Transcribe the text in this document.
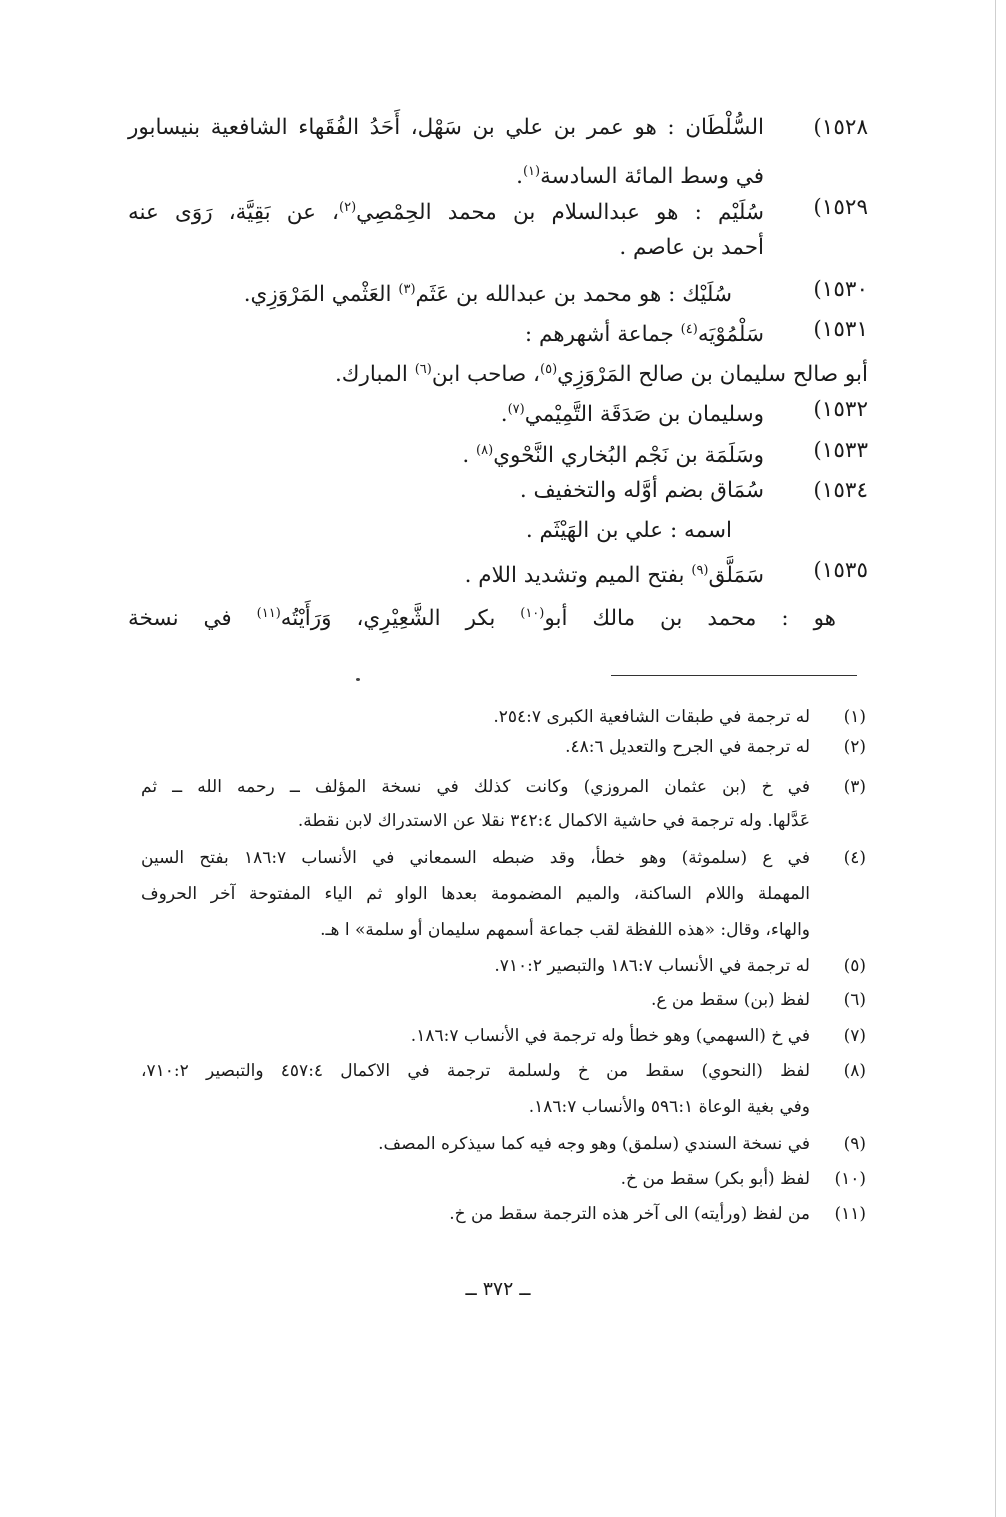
١٥٢٨)
السُّلْطَان : هو عمر بن علي بن سَهْل، أَحَدُ الفُقَهاء الشافعية بنيسابور
في وسط المائة السادسة$^{(١)}$.
١٥٢٩)
سُلَيْم : هو عبدالسلام بن محمد الحِمْصِي$^{(٢)}$، عن بَقِيَّة، رَوَى عنه
أحمد بن عاصم .
١٥٣٠)
سُلَيْك : هو محمد بن عبدالله بن عَثَم$^{(٣)}$ العَثْمي المَرْوَزِي.
١٥٣١)
سَلْمُوْيَه$^{(٤)}$ جماعة أشهرهم :
أبو صالح سليمان بن صالح المَرْوَزِي$^{(٥)}$، صاحب ابن$^{(٦)}$ المبارك.
١٥٣٢)
وسليمان بن صَدَقَة التَّمِيْمي$^{(٧)}$.
١٥٣٣)
وسَلَمَة بن نَجْم البُخاري النَّحْوي$^{(٨)}$ .
١٥٣٤)
سُمَاق بضم أوَّله والتخفيف .
اسمه : علي بن الهَيْثَم .
١٥٣٥)
سَمَلَّق$^{(٩)}$ بفتح الميم وتشديد اللام .
هو : محمد بن مالك أبو$^{(١٠)}$ بكر الشَّعِيْرِي، وَرَأَيْتُه$^{(١١)}$ في نسخة
(١)
له ترجمة في طبقات الشافعية الكبرى ٢٥٤:٧.
(٢)
له ترجمة في الجرح والتعديل ٤٨:٦.
(٣)
في خ (بن عثمان المروزي) وكانت كذلك في نسخة المؤلف ــ رحمه الله ــ ثم
عَدَّلها. وله ترجمة في حاشية الاكمال ٣٤٢:٤ نقلا عن الاستدراك لابن نقطة.
(٤)
في ع (سلموثة) وهو خطأ، وقد ضبطه السمعاني في الأنساب ١٨٦:٧ بفتح السين
المهملة واللام الساكنة، والميم المضمومة بعدها الواو ثم الياء المفتوحة آخر الحروف
والهاء، وقال: «هذه اللفظة لقب جماعة أسمهم سليمان أو سلمة» ا هـ.
(٥)
له ترجمة في الأنساب ١٨٦:٧ والتبصير ٧١٠:٢.
(٦)
لفظ (بن) سقط من ع.
(٧)
في خ (السهمي) وهو خطأ وله ترجمة في الأنساب ١٨٦:٧.
(٨)
لفظ (النحوي) سقط من خ ولسلمة ترجمة في الاكمال ٤٥٧:٤ والتبصير ٧١٠:٢،
وفي بغية الوعاة ٥٩٦:١ والأنساب ١٨٦:٧.
(٩)
في نسخة السندي (سلمق) وهو وجه فيه كما سيذكره المصف.
(١٠)
لفظ (أبو بكر) سقط من خ.
(١١)
من لفظ (ورأيته) الى آخر هذه الترجمة سقط من خ.
ــ ٣٧٢ ــ
